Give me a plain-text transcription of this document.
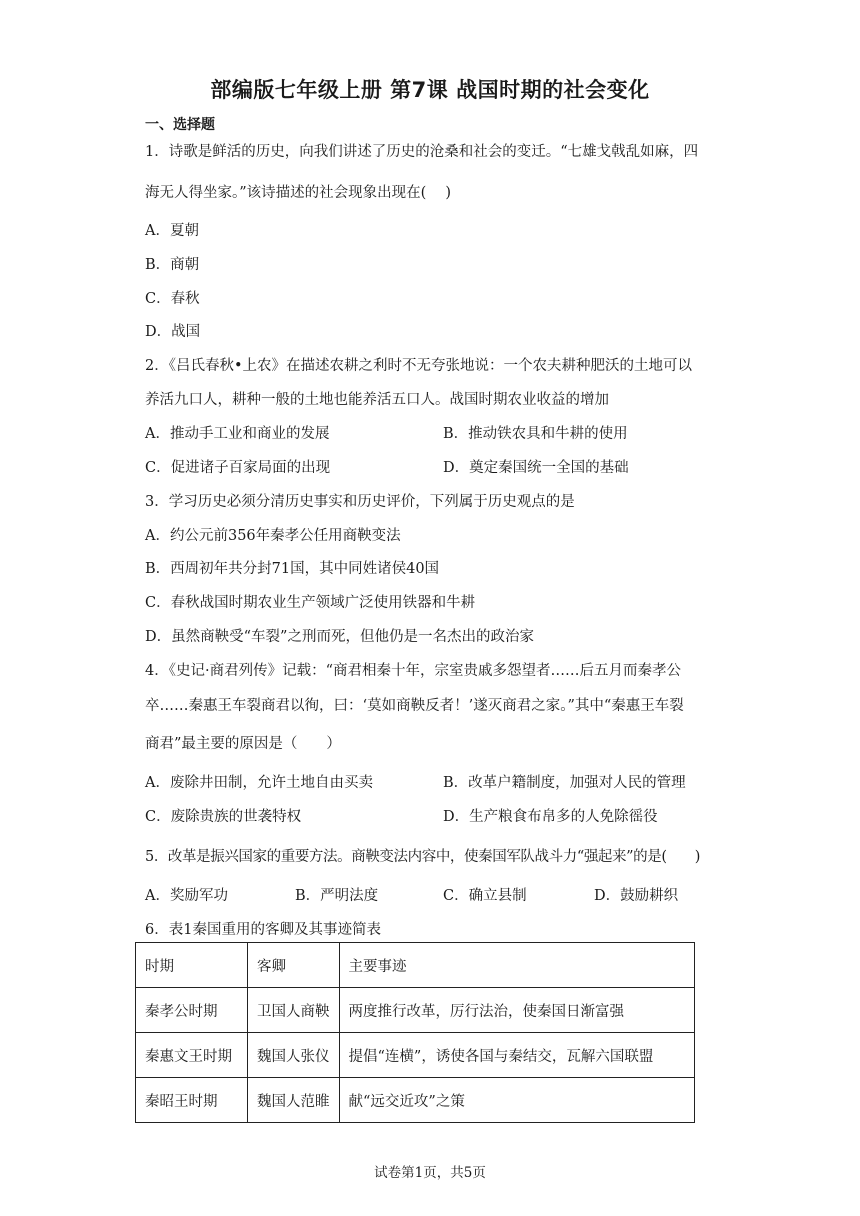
部编版七年级上册 第7课 战国时期的社会变化
一、选择题
1．诗歌是鲜活的历史，向我们讲述了历史的沧桑和社会的变迁。“七雄戈戟乱如麻，四
海无人得坐家。”该诗描述的社会现象出现在(　 )
A．夏朝
B．商朝
C．春秋
D．战国
2．《吕氏春秋•上农》在描述农耕之利时不无夸张地说：一个农夫耕种肥沃的土地可以
养活九口人，耕种一般的土地也能养活五口人。战国时期农业收益的增加
A．推动手工业和商业的发展	B．推动铁农具和牛耕的使用
C．促进诸子百家局面的出现	D．奠定秦国统一全国的基础
3．学习历史必须分清历史事实和历史评价，下列属于历史观点的是
A．约公元前356年秦孝公任用商鞅变法
B．西周初年共分封71国，其中同姓诸侯40国
C．春秋战国时期农业生产领域广泛使用铁器和牛耕
D．虽然商鞅受“车裂”之刑而死，但他仍是一名杰出的政治家
4．《史记·商君列传》记载：“商君相秦十年，宗室贵戚多怨望者……后五月而秦孝公
卒……秦惠王车裂商君以徇，曰：‘莫如商鞅反者！’遂灭商君之家。”其中“秦惠王车裂
商君”最主要的原因是（　　）
A．废除井田制，允许土地自由买卖	B．改革户籍制度，加强对人民的管理
C．废除贵族的世袭特权	D．生产粮食布帛多的人免除徭役
5．改革是振兴国家的重要方法。商鞅变法内容中，使秦国军队战斗力“强起来”的是(　　)
A．奖励军功	B．严明法度	C．确立县制	D．鼓励耕织
6．表1秦国重用的客卿及其事迹简表
时期	客卿	主要事迹
秦孝公时期	卫国人商鞅	两度推行改革，厉行法治，使秦国日渐富强
秦惠文王时期	魏国人张仪	提倡“连横”，诱使各国与秦结交，瓦解六国联盟
秦昭王时期	魏国人范睢	献“远交近攻”之策
试卷第1页，共5页
